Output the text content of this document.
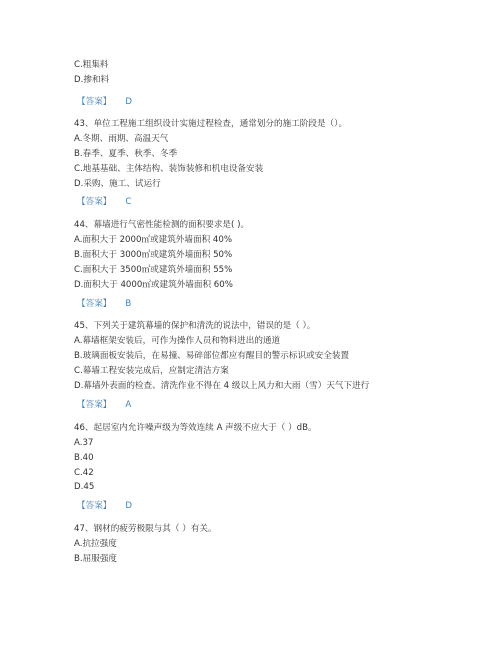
C.粗集料
D.掺和料
【答案】 D
43、单位工程施工组织设计实施过程检查，通常划分的施工阶段是（）。
A.冬期、雨期、高温天气
B.春季、夏季、秋季、冬季
C.地基基础、主体结构、装饰装修和机电设备安装
D.采购、施工、试运行
【答案】 C
44、幕墙进行气密性能检测的面积要求是( )。
A.面积大于 2000㎡或建筑外墙面积 40%
B.面积大于 3000㎡或建筑外墙面积 50%
C.面积大于 3500㎡或建筑外墙面积 55%
D.面积大于 4000㎡或建筑外墙面积 60%
【答案】 B
45、下列关于建筑幕墙的保护和清洗的说法中，错误的是（ ）。
A.幕墙框架安装后，可作为操作人员和物料进出的通道
B.玻璃面板安装后，在易撞、易碎部位都应有醒目的警示标识或安全装置
C.幕墙工程安装完成后，应制定清洁方案
D.幕墙外表面的检查、清洗作业不得在 4 级以上风力和大雨（雪）天气下进行
【答案】 A
46、起居室内允许噪声级为等效连续 A 声级不应大于（ ）dB。
A.37
B.40
C.42
D.45
【答案】 D
47、钢材的疲劳极限与其（ ）有关。
A.抗拉强度
B.屈服强度
